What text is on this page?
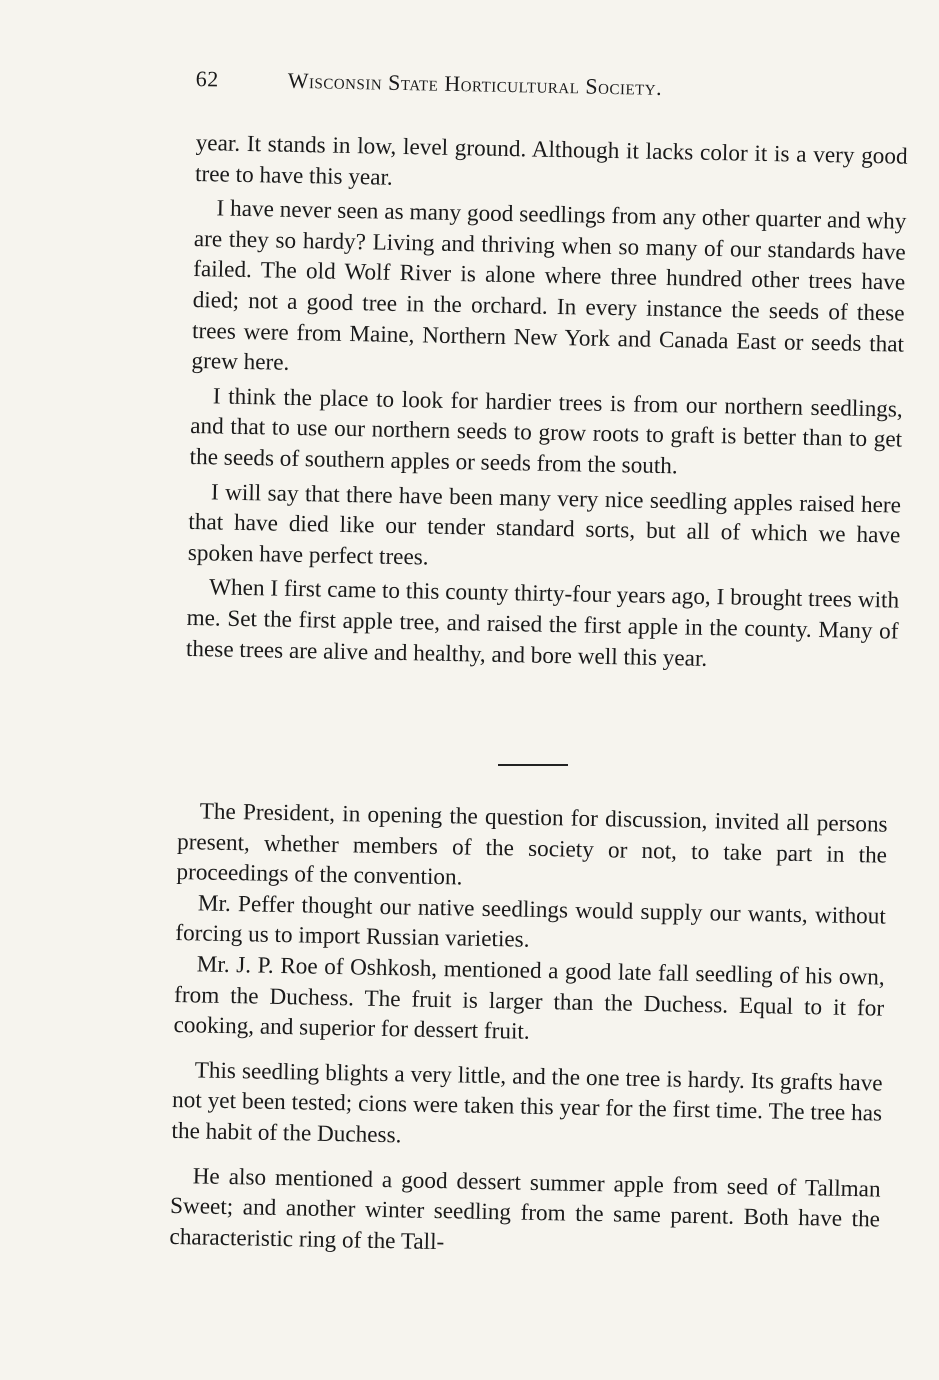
62	Wisconsin State Horticultural Society.

year. It stands in low, level ground. Although it lacks color it is a very good tree to have this year.

I have never seen as many good seedlings from any other quarter and why are they so hardy? Living and thriving when so many of our standards have failed. The old Wolf River is alone where three hundred other trees have died; not a good tree in the orchard. In every instance the seeds of these trees were from Maine, Northern New York and Canada East or seeds that grew here.

I think the place to look for hardier trees is from our northern seedlings, and that to use our northern seeds to grow roots to graft is better than to get the seeds of southern apples or seeds from the south.

I will say that there have been many very nice seedling apples raised here that have died like our tender standard sorts, but all of which we have spoken have perfect trees.

When I first came to this county thirty-four years ago, I brought trees with me. Set the first apple tree, and raised the first apple in the county. Many of these trees are alive and healthy, and bore well this year.

The President, in opening the question for discussion, invited all persons present, whether members of the society or not, to take part in the proceedings of the convention.

Mr. Peffer thought our native seedlings would supply our wants, without forcing us to import Russian varieties.

Mr. J. P. Roe of Oshkosh, mentioned a good late fall seedling of his own, from the Duchess. The fruit is larger than the Duchess. Equal to it for cooking, and superior for dessert fruit.

This seedling blights a very little, and the one tree is hardy. Its grafts have not yet been tested; cions were taken this year for the first time. The tree has the habit of the Duchess.

He also mentioned a good dessert summer apple from seed of Tallman Sweet; and another winter seedling from the same parent. Both have the characteristic ring of the Tall-
